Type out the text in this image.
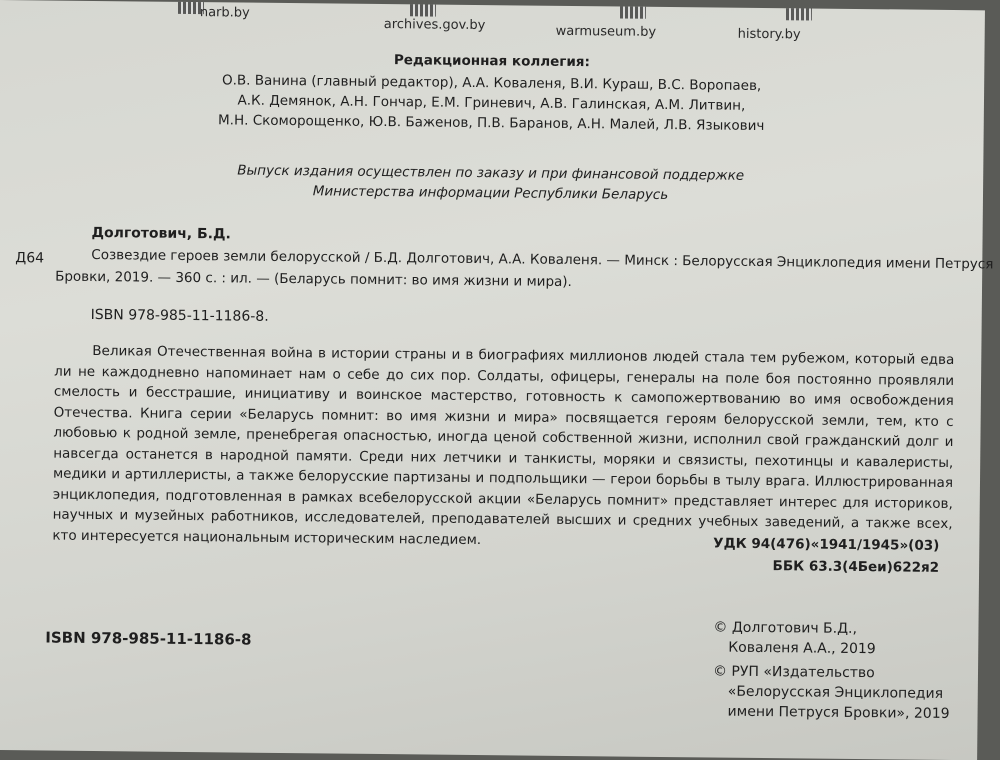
narb.by
archives.gov.by	warmuseum.by	history.by
Редакционная коллегия:
О.В. Ванина (главный редактор), А.А. Коваленя, В.И. Кураш, В.С. Воропаев,
А.К. Демянок, А.Н. Гончар, Е.М. Гриневич, А.В. Галинская, А.М. Литвин,
М.Н. Скоморощенко, Ю.В. Баженов, П.В. Баранов, А.Н. Малей, Л.В. Языкович
Выпуск издания осуществлен по заказу и при финансовой поддержке
Министерства информации Республики Беларусь
Долготович, Б.Д.
Д64	Созвездие героев земли белорусской / Б.Д. Долготович, А.А. Коваленя. — Минск : Белорусская Энциклопедия имени Петруся
Бровки, 2019. — 360 с. : ил. — (Беларусь помнит: во имя жизни и мира).
ISBN 978-985-11-1186-8.

Великая Отечественная война в истории страны и в биографиях миллионов людей стала тем рубежом, который едва ли не каждодневно напоминает нам о себе до сих пор. Солдаты, офицеры, генералы на поле боя постоянно проявляли смелость и бесстрашие, инициативу и воинское мастерство, готовность к самопожертвованию во имя освобождения Отечества. Книга серии «Беларусь помнит: во имя жизни и мира» посвящается героям белорусской земли, тем, кто с любовью к родной земле, пренебрегая опасностью, иногда ценой собственной жизни, исполнил свой гражданский долг и навсегда останется в народной памяти. Среди них летчики и танкисты, моряки и связисты, пехотинцы и кавалеристы, медики и артиллеристы, а также белорусские партизаны и подпольщики — герои борьбы в тылу врага. Иллюстрированная энциклопедия, подготовленная в рамках всебелорусской акции «Беларусь помнит» представляет интерес для историков, научных и музейных работников, исследователей, преподавателей высших и средних учебных заведений, а также всех, кто интересуется национальным историческим наследием.	УДК 94(476)«1941/1945»(03)
ББК 63.3(4Беи)622я2
ISBN 978-985-11-1186-8
© Долготович Б.Д.,
Коваленя А.А., 2019
© РУП «Издательство
«Белорусская Энциклопедия
имени Петруся Бровки», 2019
